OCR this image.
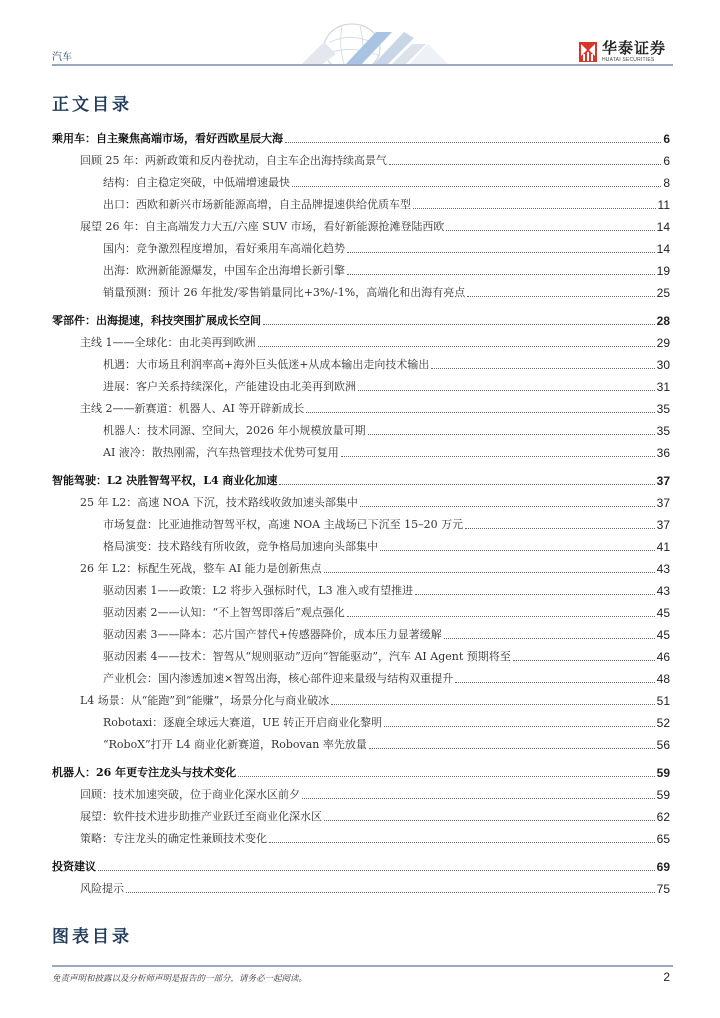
汽车
华泰证券
HUATAI SECURITIES
正文目录
乘用车：自主聚焦高端市场，看好西欧星辰大海	6
回顾 25 年：两新政策和反内卷扰动，自主车企出海持续高景气	6
结构：自主稳定突破，中低端增速最快	8
出口：西欧和新兴市场新能源高增，自主品牌提速供给优质车型	11
展望 26 年：自主高端发力大五/六座 SUV 市场，看好新能源抢滩登陆西欧	14
国内：竞争激烈程度增加，看好乘用车高端化趋势	14
出海：欧洲新能源爆发，中国车企出海增长新引擎	19
销量预测：预计 26 年批发/零售销量同比+3%/-1%，高端化和出海有亮点	25
零部件：出海提速，科技突围扩展成长空间	28
主线 1——全球化：由北美再到欧洲	29
机遇：大市场且利润率高+海外巨头低迷+从成本输出走向技术输出	30
进展：客户关系持续深化，产能建设由北美再到欧洲	31
主线 2——新赛道：机器人、AI 等开辟新成长	35
机器人：技术同源、空间大，2026 年小规模放量可期	35
AI 液冷：散热刚需，汽车热管理技术优势可复用	36
智能驾驶：L2 决胜智驾平权，L4 商业化加速	37
25 年 L2：高速 NOA 下沉，技术路线收敛加速头部集中	37
市场复盘：比亚迪推动智驾平权，高速 NOA 主战场已下沉至 15–20 万元	37
格局演变：技术路线有所收敛，竞争格局加速向头部集中	41
26 年 L2：标配生死战，整车 AI 能力是创新焦点	43
驱动因素 1——政策：L2 将步入强标时代，L3 准入或有望推进	43
驱动因素 2——认知：“不上智驾即落后”观点强化	45
驱动因素 3——降本：芯片国产替代+传感器降价，成本压力显著缓解	45
驱动因素 4——技术：智驾从“规则驱动”迈向“智能驱动”，汽车 AI Agent 预期将至	46
产业机会：国内渗透加速×智驾出海，核心部件迎来量级与结构双重提升	48
L4 场景：从“能跑”到“能赚”，场景分化与商业破冰	51
Robotaxi：逐鹿全球远大赛道，UE 转正开启商业化黎明	52
“RoboX”打开 L4 商业化新赛道，Robovan 率先放量	56
机器人：26 年更专注龙头与技术变化	59
回顾：技术加速突破，位于商业化深水区前夕	59
展望：软件技术进步助推产业跃迁至商业化深水区	62
策略：专注龙头的确定性兼顾技术变化	65
投资建议	69
风险提示	75
图表目录
免责声明和披露以及分析师声明是报告的一部分，请务必一起阅读。	2
